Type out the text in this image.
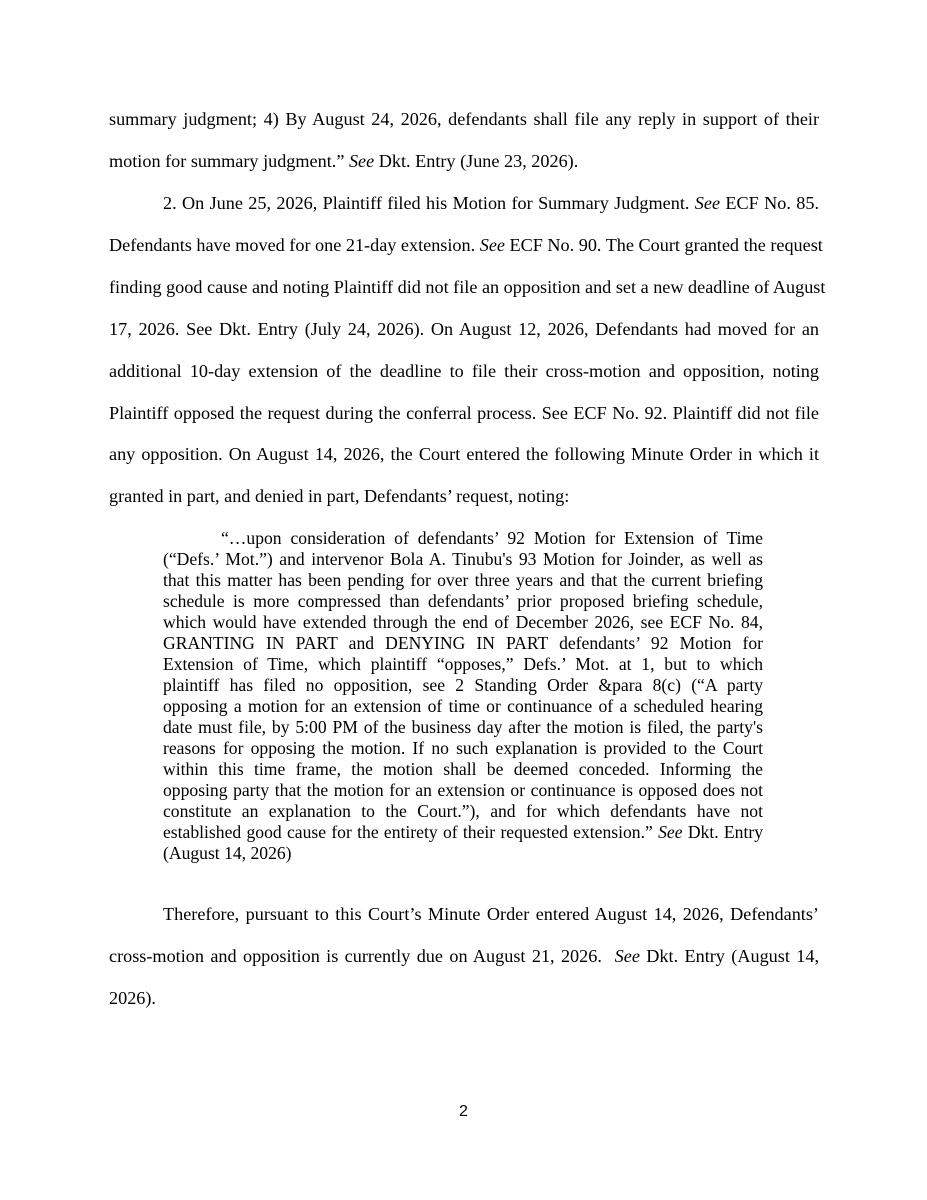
summary judgment; 4) By August 24, 2026, defendants shall file any reply in support of their
motion for summary judgment.” See Dkt. Entry (June 23, 2026).
2. On June 25, 2026, Plaintiff filed his Motion for Summary Judgment. See ECF No. 85.
Defendants have moved for one 21-day extension. See ECF No. 90. The Court granted the request
finding good cause and noting Plaintiff did not file an opposition and set a new deadline of August
17, 2026. See Dkt. Entry (July 24, 2026). On August 12, 2026, Defendants had moved for an
additional 10-day extension of the deadline to file their cross-motion and opposition, noting
Plaintiff opposed the request during the conferral process. See ECF No. 92. Plaintiff did not file
any opposition. On August 14, 2026, the Court entered the following Minute Order in which it
granted in part, and denied in part, Defendants’ request, noting:
“…upon consideration of defendants’ 92 Motion for Extension of Time
(“Defs.’ Mot.”) and intervenor Bola A. Tinubu's 93 Motion for Joinder, as well as
that this matter has been pending for over three years and that the current briefing
schedule is more compressed than defendants’ prior proposed briefing schedule,
which would have extended through the end of December 2026, see ECF No. 84,
GRANTING IN PART and DENYING IN PART defendants’ 92 Motion for
Extension of Time, which plaintiff “opposes,” Defs.’ Mot. at 1, but to which
plaintiff has filed no opposition, see 2 Standing Order &para 8(c) (“A party
opposing a motion for an extension of time or continuance of a scheduled hearing
date must file, by 5:00 PM of the business day after the motion is filed, the party's
reasons for opposing the motion. If no such explanation is provided to the Court
within this time frame, the motion shall be deemed conceded. Informing the
opposing party that the motion for an extension or continuance is opposed does not
constitute an explanation to the Court.”), and for which defendants have not
established good cause for the entirety of their requested extension.” See Dkt. Entry
(August 14, 2026)
Therefore, pursuant to this Court’s Minute Order entered August 14, 2026, Defendants’
cross-motion and opposition is currently due on August 21, 2026.  See Dkt. Entry (August 14,
2026).
2
